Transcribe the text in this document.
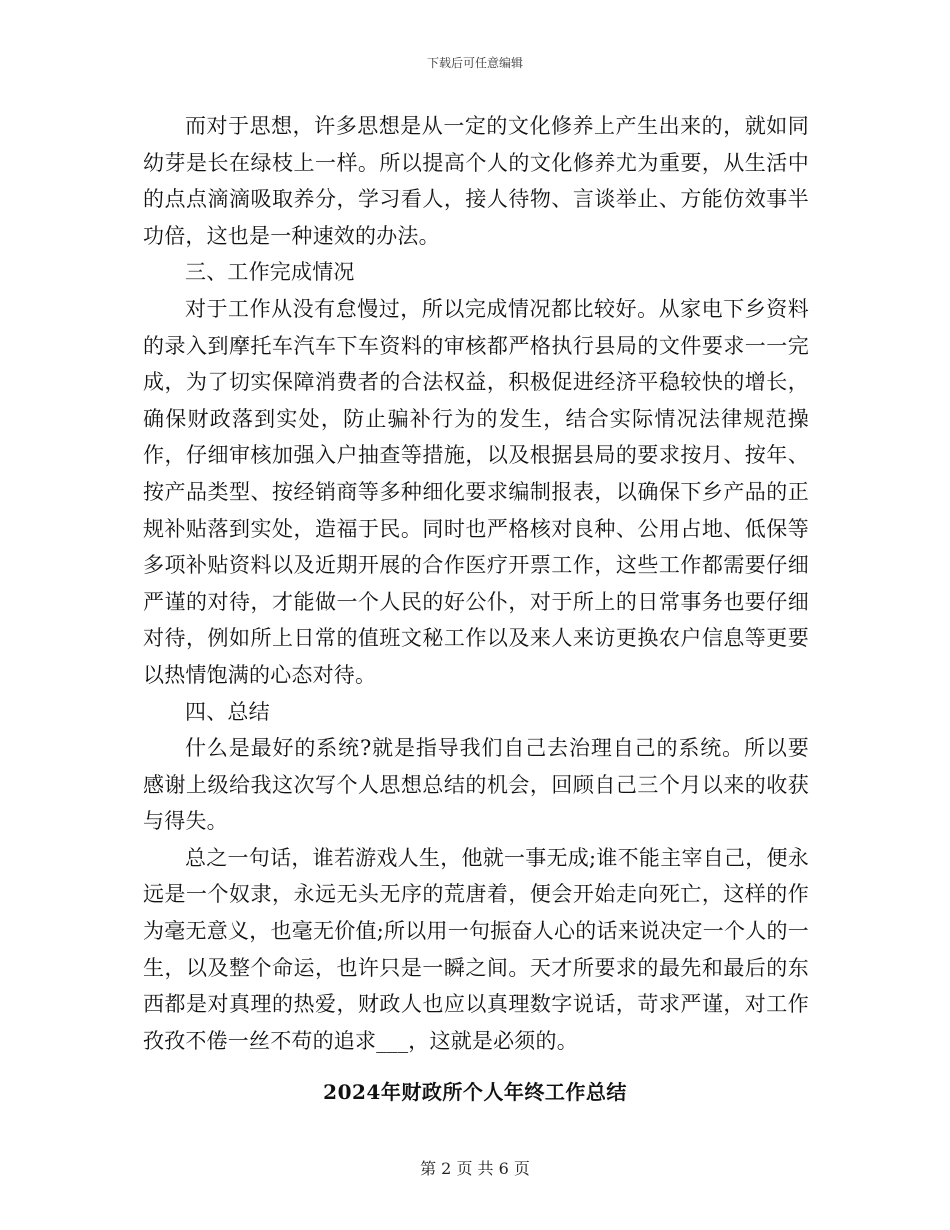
下载后可任意编辑

而对于思想，许多思想是从一定的文化修养上产生出来的，就如同幼芽是长在绿枝上一样。所以提高个人的文化修养尤为重要，从生活中的点点滴滴吸取养分，学习看人，接人待物、言谈举止、方能仿效事半功倍，这也是一种速效的办法。

三、工作完成情况

对于工作从没有怠慢过，所以完成情况都比较好。从家电下乡资料的录入到摩托车汽车下车资料的审核都严格执行县局的文件要求一一完成，为了切实保障消费者的合法权益，积极促进经济平稳较快的增长，确保财政落到实处，防止骗补行为的发生，结合实际情况法律规范操作，仔细审核加强入户抽查等措施，以及根据县局的要求按月、按年、按产品类型、按经销商等多种细化要求编制报表，以确保下乡产品的正规补贴落到实处，造福于民。同时也严格核对良种、公用占地、低保等多项补贴资料以及近期开展的合作医疗开票工作，这些工作都需要仔细严谨的对待，才能做一个人民的好公仆，对于所上的日常事务也要仔细对待，例如所上日常的值班文秘工作以及来人来访更换农户信息等更要以热情饱满的心态对待。

四、总结

什么是最好的系统?就是指导我们自己去治理自己的系统。所以要感谢上级给我这次写个人思想总结的机会，回顾自己三个月以来的收获与得失。

总之一句话，谁若游戏人生，他就一事无成;谁不能主宰自己，便永远是一个奴隶，永远无头无序的荒唐着，便会开始走向死亡，这样的作为毫无意义，也毫无价值;所以用一句振奋人心的话来说决定一个人的一生，以及整个命运，也许只是一瞬之间。天才所要求的最先和最后的东西都是对真理的热爱，财政人也应以真理数字说话，苛求严谨，对工作孜孜不倦一丝不苟的追求___，这就是必须的。

2024年财政所个人年终工作总结
第 2 页 共 6 页
